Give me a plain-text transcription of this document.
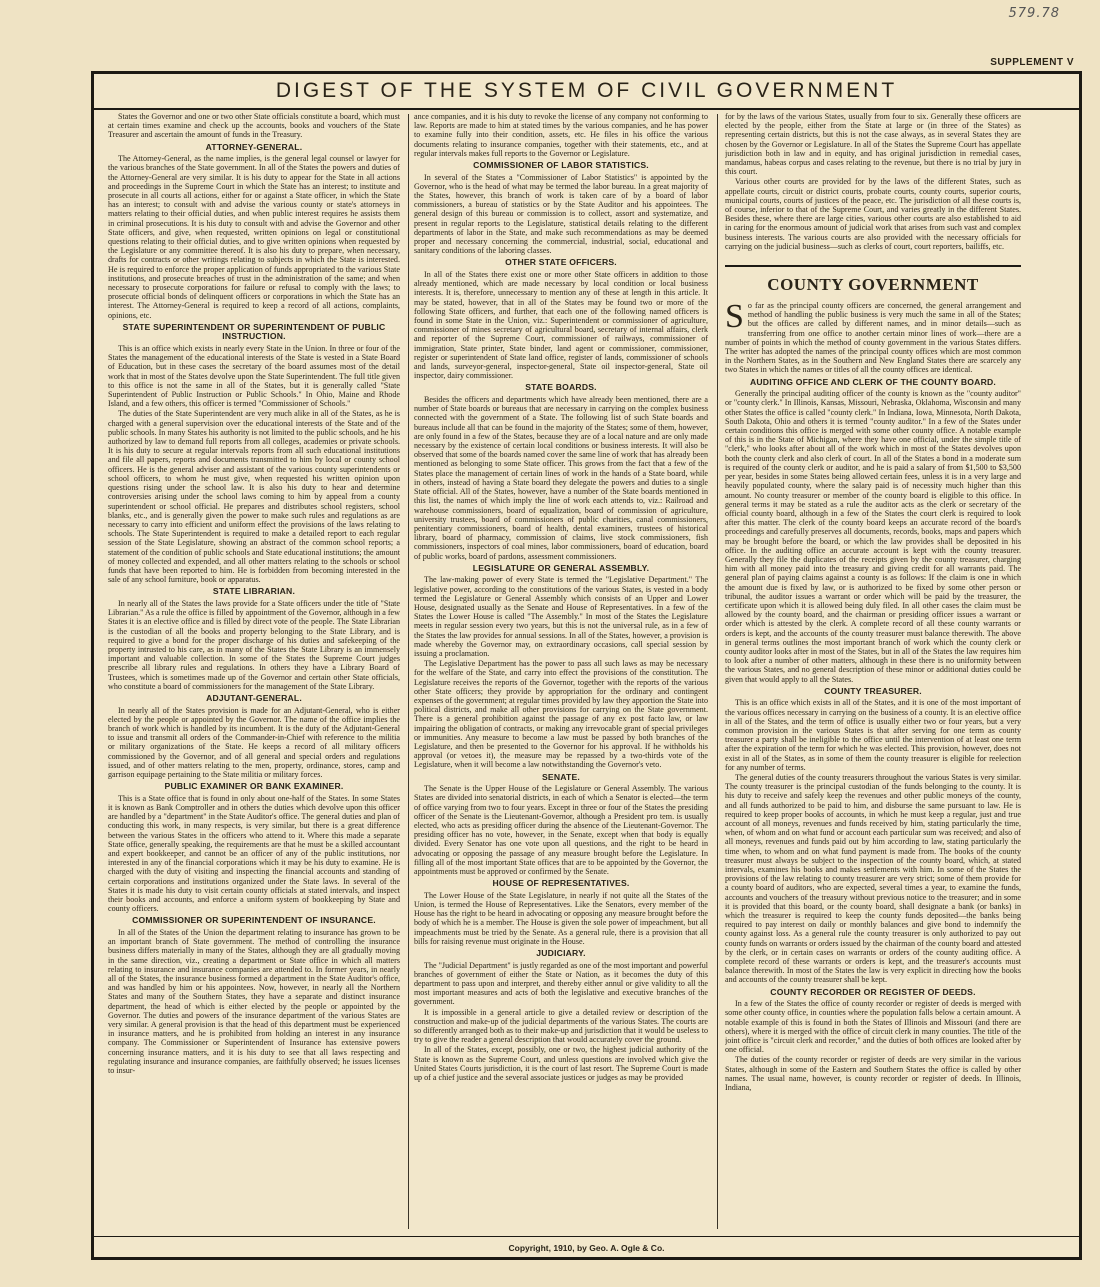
579.78
SUPPLEMENT V
DIGEST OF THE SYSTEM OF CIVIL GOVERNMENT

States the Governor and one or two other State officials constitute a board, which must at certain times examine and check up the accounts, books and vouchers of the State Treasurer and ascertain the amount of funds in the Treasury.

ATTORNEY-GENERAL.

The Attorney-General, as the name implies, is the general legal counsel or lawyer for the various branches of the State government. In all of the States the powers and duties of the Attorney-General are very similar. It is his duty to appear for the State in all actions and proceedings in the Supreme Court in which the State has an interest; to institute and prosecute in all courts all actions, either for or against a State officer, in which the State has an interest; to consult with and advise the various county or state's attorneys in matters relating to their official duties, and when public interest requires he assists them in criminal prosecutions. It is his duty to consult with and advise the Governor and other State officers, and give, when requested, written opinions on legal or constitutional questions relating to their official duties, and to give written opinions when requested by the Legislature or any committee thereof. It is also his duty to prepare, when necessary, drafts for contracts or other writings relating to subjects in which the State is interested. He is required to enforce the proper application of funds appropriated to the various State institutions, and prosecute breaches of trust in the administration of the same; and when necessary to prosecute corporations for failure or refusal to comply with the laws; to prosecute official bonds of delinquent officers or corporations in which the State has an interest. The Attorney-General is required to keep a record of all actions, complaints, opinions, etc.

STATE SUPERINTENDENT OR SUPERINTENDENT OF PUBLIC INSTRUCTION.

This is an office which exists in nearly every State in the Union. In three or four of the States the management of the educational interests of the State is vested in a State Board of Education, but in these cases the secretary of the board assumes most of the detail work that in most of the States devolve upon the State Superintendent. The full title given to this office is not the same in all of the States, but it is generally called "State Superintendent of Public Instruction or Public Schools." In Ohio, Maine and Rhode Island, and a few others, this officer is termed "Commissioner of Schools."

The duties of the State Superintendent are very much alike in all of the States, as he is charged with a general supervision over the educational interests of the State and of the public schools. In many States his authority is not limited to the public schools, and he his authorized by law to demand full reports from all colleges, academies or private schools. It is his duty to secure at regular intervals reports from all such educational institutions and file all papers, reports and documents transmitted to him by local or county school officers. He is the general adviser and assistant of the various county superintendents or school officers, to whom he must give, when requested his written opinion upon questions rising under the school law. It is also his duty to hear and determine controversies arising under the school laws coming to him by appeal from a county superintendent or school official. He prepares and distributes school registers, school blanks, etc., and is generally given the power to make such rules and regulations as are necessary to carry into efficient and uniform effect the provisions of the laws relating to schools. The State Superintendent is required to make a detailed report to each regular session of the State Legislature, showing an abstract of the common school reports; a statement of the condition of public schools and State educational institutions; the amount of money collected and expended, and all other matters relating to the schools or school funds that have been reported to him. He is forbidden from becoming interested in the sale of any school furniture, book or apparatus.

STATE LIBRARIAN.

In nearly all of the States the laws provide for a State officers under the title of "State Librarian." As a rule the office is filled by appointment of the Governor, although in a few States it is an elective office and is filled by direct vote of the people. The State Librarian is the custodian of all the books and property belonging to the State Library, and is required to give a bond for the proper discharge of his duties and safekeeping of the property intrusted to his care, as in many of the States the State Library is an immensely important and valuable collection. In some of the States the Supreme Court judges prescribe all library rules and regulations. In others they have a Library Board of Trustees, which is sometimes made up of the Governor and certain other State officials, who constitute a board of commissioners for the management of the State Library.

ADJUTANT-GENERAL.

In nearly all of the States provision is made for an Adjutant-General, who is either elected by the people or appointed by the Governor. The name of the office implies the branch of work which is handled by its incumbent. It is the duty of the Adjutant-General to issue and transmit all orders of the Commander-in-Chief with reference to the militia or military organizations of the State. He keeps a record of all military officers commissioned by the Governor, and of all general and special orders and regulations issued, and of other matters relating to the men, property, ordinance, stores, camp and garrison equipage pertaining to the State militia or military forces.

PUBLIC EXAMINER OR BANK EXAMINER.

This is a State office that is found in only about one-half of the States. In some States it is known as Bank Comptroller and in others the duties which devolve upon this officer are handled by a "department" in the State Auditor's office. The general duties and plan of conducting this work, in many respects, is very similar, but there is a great difference between the various States in the officers who attend to it. Where this made a separate State office, generally speaking, the requirements are that he must be a skilled accountant and expert bookkeeper, and cannot be an officer of any of the public institutions, nor interested in any of the financial corporations which it may be his duty to examine. He is charged with the duty of visiting and inspecting the financial accounts and standing of certain corporations and institutions organized under the State laws. In several of the States it is made his duty to visit certain county officials at stated intervals, and inspect their books and accounts, and enforce a uniform system of bookkeeping by State and county officers.

COMMISSIONER OR SUPERINTENDENT OF INSURANCE.

In all of the States of the Union the department relating to insurance has grown to be an important branch of State government. The method of controlling the insurance business differs materially in many of the States, although they are all gradually moving in the same direction, viz., creating a department or State office in which all matters relating to insurance and insurance companies are attended to. In former years, in nearly all of the States, the insurance business formed a department in the State Auditor's office, and was handled by him or his appointees. Now, however, in nearly all the Northern States and many of the Southern States, they have a separate and distinct insurance department, the head of which is either elected by the people or appointed by the Governor. The duties and powers of the insurance department of the various States are very similar. A general provision is that the head of this department must be experienced in insurance matters, and he is prohibited from holding an interest in any insurance company. The Commissioner or Superintendent of Insurance has extensive powers concerning insurance matters, and it is his duty to see that all laws respecting and regulating insurance and insurance companies, are faithfully observed; he issues licenses to insur-

ance companies, and it is his duty to revoke the license of any company not conforming to law. Reports are made to him at stated times by the various companies, and he has power to examine fully into their condition, assets, etc. He files in his office the various documents relating to insurance companies, together with their statements, etc., and at regular intervals makes full reports to the Governor or Legislature.

COMMISSIONER OF LABOR STATISTICS.

In several of the States a "Commissioner of Labor Statistics" is appointed by the Governor, who is the head of what may be termed the labor bureau. In a great majority of the States, however, this branch of work is taken care of by a board of labor commissioners, a bureau of statistics or by the State Auditor and his appointees. The general design of this bureau or commission is to collect, assort and systematize, and present in regular reports to the Legislature, statistical details relating to the different departments of labor in the State, and make such recommendations as may be deemed proper and necessary concerning the commercial, industrial, social, educational and sanitary conditions of the laboring classes.

OTHER STATE OFFICERS.

In all of the States there exist one or more other State officers in addition to those already mentioned, which are made necessary by local condition or local business interests. It is, therefore, unnecessary to mention any of these at length in this article. It may be stated, however, that in all of the States may be found two or more of the following State officers, and further, that each one of the following named officers is found in some State in the Union, viz.: Superintendent or commissioner of agriculture, commissioner of mines secretary of agricultural board, secretary of internal affairs, clerk and reporter of the Supreme Court, commissioner of railways, commissioner of immigration, State printer, State binder, land agent or commissioner, commissioner, register or superintendent of State land office, register of lands, commissioner of schools and lands, surveyor-general, inspector-general, State oil inspector-general, State oil inspector, dairy commissioner.

STATE BOARDS.

Besides the officers and departments which have already been mentioned, there are a number of State boards or bureaus that are necessary in carrying on the complex business connected with the government of a State. The following list of such State boards and bureaus include all that can be found in the majority of the States; some of them, however, are only found in a few of the States, because they are of a local nature and are only made necessary by the existence of certain local conditions or business interests. It will also be observed that some of the boards named cover the same line of work that has already been mentioned as belonging to some State officer. This grows from the fact that a few of the States place the management of certain lines of work in the hands of a State board, while in others, instead of having a State board they delegate the powers and duties to a single State official. All of the States, however, have a number of the State boards mentioned in this list, the names of which imply the line of work each attends to, viz.: Railroad and warehouse commissioners, board of equalization, board of commission of agriculture, university trustees, board of commissioners of public charities, canal commissioners, penitentiary commissioners, board of health, dental examiners, trustees of historical library, board of pharmacy, commission of claims, live stock commissioners, fish commissioners, inspectors of coal mines, labor commissioners, board of education, board of public works, board of pardons, assessment commissioners.

LEGISLATURE OR GENERAL ASSEMBLY.

The law-making power of every State is termed the "Legislative Department." The legislative power, according to the constitutions of the various States, is vested in a body termed the Legislature or General Assembly which consists of an Upper and Lower House, designated usually as the Senate and House of Representatives. In a few of the States the Lower House is called "The Assembly." In most of the States the Legislature meets in regular session every two years, but this is not the universal rule, as in a few of the States the law provides for annual sessions. In all of the States, however, a provision is made whereby the Governor may, on extraordinary occasions, call special session by issuing a proclamation.

The Legislative Department has the power to pass all such laws as may be necessary for the welfare of the State, and carry into effect the provisions of the constitution. The Legislature receives the reports of the Governor, together with the reports of the various other State officers; they provide by appropriation for the ordinary and contingent expenses of the government; at regular times provided by law they apportion the State into political districts, and make all other provisions for carrying on the State government. There is a general prohibition against the passage of any ex post facto law, or law impairing the obligation of contracts, or making any irrevocable grant of special privileges or immunities. Any measure to become a law must be passed by both branches of the Legislature, and then be presented to the Governor for his approval. If he withholds his approval (or vetoes it), the measure may be repassed by a two-thirds vote of the Legislature, when it will become a law notwithstanding the Governor's veto.

SENATE.

The Senate is the Upper House of the Legislature or General Assembly. The various States are divided into senatorial districts, in each of which a Senator is elected—the term of office varying from two to four years. Except in three or four of the States the presiding officer of the Senate is the Lieutenant-Governor, although a President pro tem. is usually elected, who acts as presiding officer during the absence of the Lieutenant-Governor. The presiding officer has no vote, however, in the Senate, except when that body is equally divided. Every Senator has one vote upon all questions, and the right to be heard in advocating or opposing the passage of any measure brought before the Legislature. In filling all of the most important State offices that are to be appointed by the Governor, the appointments must be approved or confirmed by the Senate.

HOUSE OF REPRESENTATIVES.

The Lower House of the State Legislature, in nearly if not quite all the States of the Union, is termed the House of Representatives. Like the Senators, every member of the House has the right to be heard in advocating or opposing any measure brought before the body of which he is a member. The House is given the sole power of impeachment, but all impeachments must be tried by the Senate. As a general rule, there is a provision that all bills for raising revenue must originate in the House.

JUDICIARY.

The "Judicial Department" is justly regarded as one of the most important and powerful branches of government of either the State or Nation, as it becomes the duty of this department to pass upon and interpret, and thereby either annul or give validity to all the most important measures and acts of both the legislative and executive branches of the government.

It is impossible in a general article to give a detailed review or description of the construction and make-up of the judicial departments of the various States. The courts are so differently arranged both as to their make-up and jurisdiction that it would be useless to try to give the reader a general description that would accurately cover the ground.

In all of the States, except, possibly, one or two, the highest judicial authority of the State is known as the Supreme Court, and unless questions are involved which give the United States Courts jurisdiction, it is the court of last resort. The Supreme Court is made up of a chief justice and the several associate justices or judges as may be provided

for by the laws of the various States, usually from four to six. Generally these officers are elected by the people, either from the State at large or (in three of the States) as representing certain districts, but this is not the case always, as in several States they are chosen by the Governor or Legislature. In all of the States the Supreme Court has appellate jurisdiction both in law and in equity, and has original jurisdiction in remedial cases, mandamus, habeas corpus and cases relating to the revenue, but there is no trial by jury in this court.

Various other courts are provided for by the laws of the different States, such as appellate courts, circuit or district courts, probate courts, county courts, superior courts, municipal courts, courts of justices of the peace, etc. The jurisdiction of all these courts is, of course, inferior to that of the Supreme Court, and varies greatly in the different States. Besides these, where there are large cities, various other courts are also established to aid in caring for the enormous amount of judicial work that arises from such vast and complex business interests. The various courts are also provided with the necessary officials for carrying on the judicial business—such as clerks of court, court reporters, bailiffs, etc.

COUNTY GOVERNMENT

So far as the principal county officers are concerned, the general arrangement and method of handling the public business is very much the same in all of the States; but the offices are called by different names, and in minor details—such as transferring from one office to another certain minor lines of work—there are a number of points in which the method of county government in the various States differs. The writer has adopted the names of the principal county offices which are most common in the Northern States, as in the Southern and New England States there are scarcely any two States in which the names or titles of all the county offices are identical.

AUDITING OFFICE AND CLERK OF THE COUNTY BOARD.

Generally the principal auditing officer of the county is known as the "county auditor" or "county clerk." In Illinois, Kansas, Missouri, Nebraska, Oklahoma, Wisconsin and many other States the office is called "county clerk." In Indiana, Iowa, Minnesota, North Dakota, South Dakota, Ohio and others it is termed "county auditor." In a few of the States under certain conditions this office is merged with some other county office. A notable example of this is in the State of Michigan, where they have one official, under the simple title of "clerk," who looks after about all of the work which in most of the States devolves upon both the county clerk and also clerk of court. In all of the States a bond in a moderate sum is required of the county clerk or auditor, and he is paid a salary of from $1,500 to $3,500 per year, besides in some States being allowed certain fees, unless it is in a very large and heavily populated county, where the salary paid is of necessity much higher than this amount. No county treasurer or member of the county board is eligible to this office. In general terms it may be stated as a rule the auditor acts as the clerk or secretary of the official county board, although in a few of the States the court clerk is required to look after this matter. The clerk of the county board keeps an accurate record of the board's proceedings and carefully preserves all documents, records, books, maps and papers which may be brought before the board, or which the law provides shall be deposited in his office. In the auditing office an accurate account is kept with the county treasurer. Generally they file the duplicates of the receipts given by the county treasurer, charging him with all money paid into the treasury and giving credit for all warrants paid. The general plan of paying claims against a county is as follows: If the claim is one in which the amount due is fixed by law, or is authorized to be fixed by some other person or tribunal, the auditor issues a warrant or order which will be paid by the treasurer, the certificate upon which it is allowed being duly filed. In all other cases the claim must be allowed by the county board, and the chairman or presiding officer issues a warrant or order which is attested by the clerk. A complete record of all these county warrants or orders is kept, and the accounts of the county treasurer must balance therewith. The above in general terms outlines the most important branch of work which the county clerk or county auditor looks after in most of the States, but in all of the States the law requires him to look after a number of other matters, although in these there is no uniformity between the various States, and no general description of these minor or additional duties could be given that would apply to all the States.

COUNTY TREASURER.

This is an office which exists in all of the States, and it is one of the most important of the various offices necessary in carrying on the business of a county. It is an elective office in all of the States, and the term of office is usually either two or four years, but a very common provision in the various States is that after serving for one term as county treasurer a party shall be ineligible to the office until the intervention of at least one term after the expiration of the term for which he was elected. This provision, however, does not exist in all of the States, as in some of them the county treasurer is eligible for reelection for any number of terms.

The general duties of the county treasurers throughout the various States is very similar. The county treasurer is the principal custodian of the funds belonging to the county. It is his duty to receive and safely keep the revenues and other public moneys of the county, and all funds authorized to be paid to him, and disburse the same pursuant to law. He is required to keep proper books of accounts, in which he must keep a regular, just and true account of all moneys, revenues and funds received by him, stating particularly the time, when, of whom and on what fund or account each particular sum was received; and also of all moneys, revenues and funds paid out by him according to law, stating particularly the time when, to whom and on what fund payment is made from. The books of the county treasurer must always be subject to the inspection of the county board, which, at stated intervals, examines his books and makes settlements with him. In some of the States the provisions of the law relating to county treasurer are very strict; some of them provide for a county board of auditors, who are expected, several times a year, to examine the funds, accounts and vouchers of the treasury without previous notice to the treasurer; and in some it is provided that this board, or the county board, shall designate a bank (or banks) in which the treasurer is required to keep the county funds deposited—the banks being required to pay interest on daily or monthly balances and give bond to indemnify the county against loss. As a general rule the county treasurer is only authorized to pay out county funds on warrants or orders issued by the chairman of the county board and attested by the clerk, or in certain cases on warrants or orders of the county auditing office. A complete record of these warrants or orders is kept, and the treasurer's accounts must balance therewith. In most of the States the law is very explicit in directing how the books and accounts of the county treasurer shall be kept.

COUNTY RECORDER OR REGISTER OF DEEDS.

In a few of the States the office of county recorder or register of deeds is merged with some other county office, in counties where the population falls below a certain amount. A notable example of this is found in both the States of Illinois and Missouri (and there are others), where it is merged with the office of circuit clerk in many counties. The title of the joint office is "circuit clerk and recorder," and the duties of both offices are looked after by one official.

The duties of the county recorder or register of deeds are very similar in the various States, although in some of the Eastern and Southern States the office is called by other names. The usual name, however, is county recorder or register of deeds. In Illinois, Indiana,

Copyright, 1910, by Geo. A. Ogle & Co.
